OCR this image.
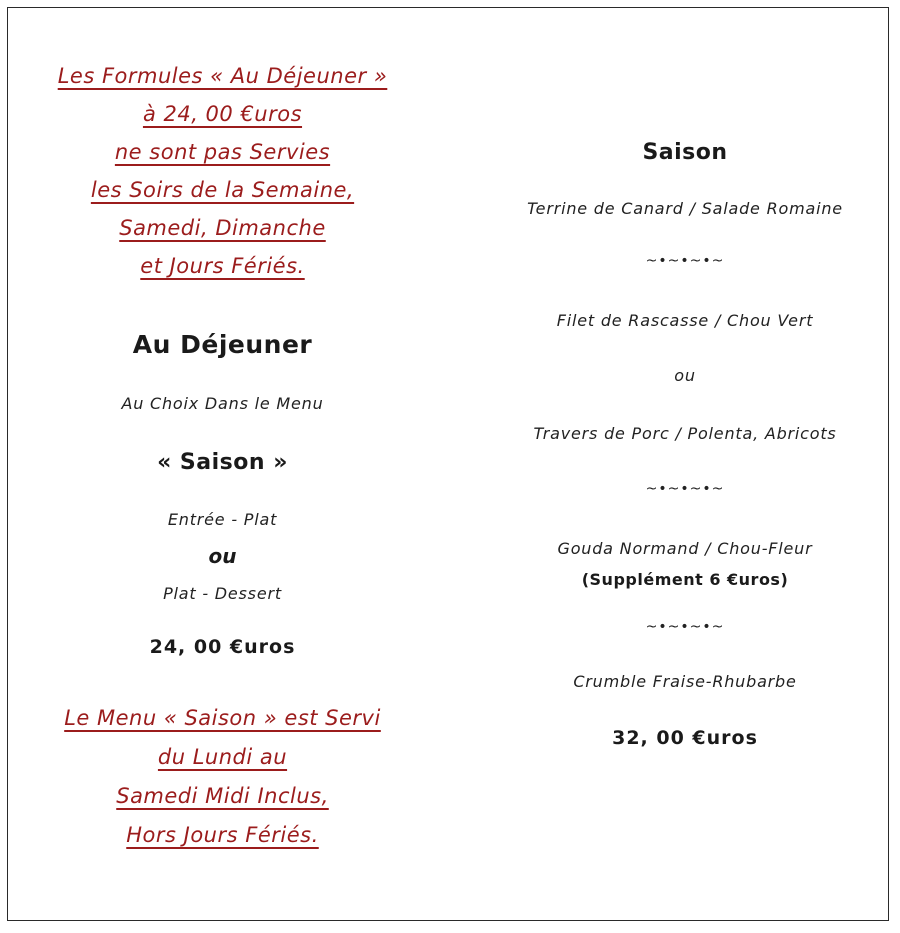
Les Formules « Au Déjeuner »
à 24, 00 €uros
ne sont pas Servies
les Soirs de la Semaine,
Samedi, Dimanche
et Jours Fériés.
Au Déjeuner
Au Choix Dans le Menu
« Saison »
Entrée - Plat
ou
Plat - Dessert
24, 00 €uros
Le Menu « Saison » est Servi
du Lundi au
Samedi Midi Inclus,
Hors Jours Fériés.
Saison
Terrine de Canard / Salade Romaine
~•~•~•~
Filet de Rascasse / Chou Vert
ou
Travers de Porc / Polenta, Abricots
~•~•~•~
Gouda Normand / Chou-Fleur
(Supplément 6 €uros)
~•~•~•~
Crumble Fraise-Rhubarbe
32, 00 €uros
